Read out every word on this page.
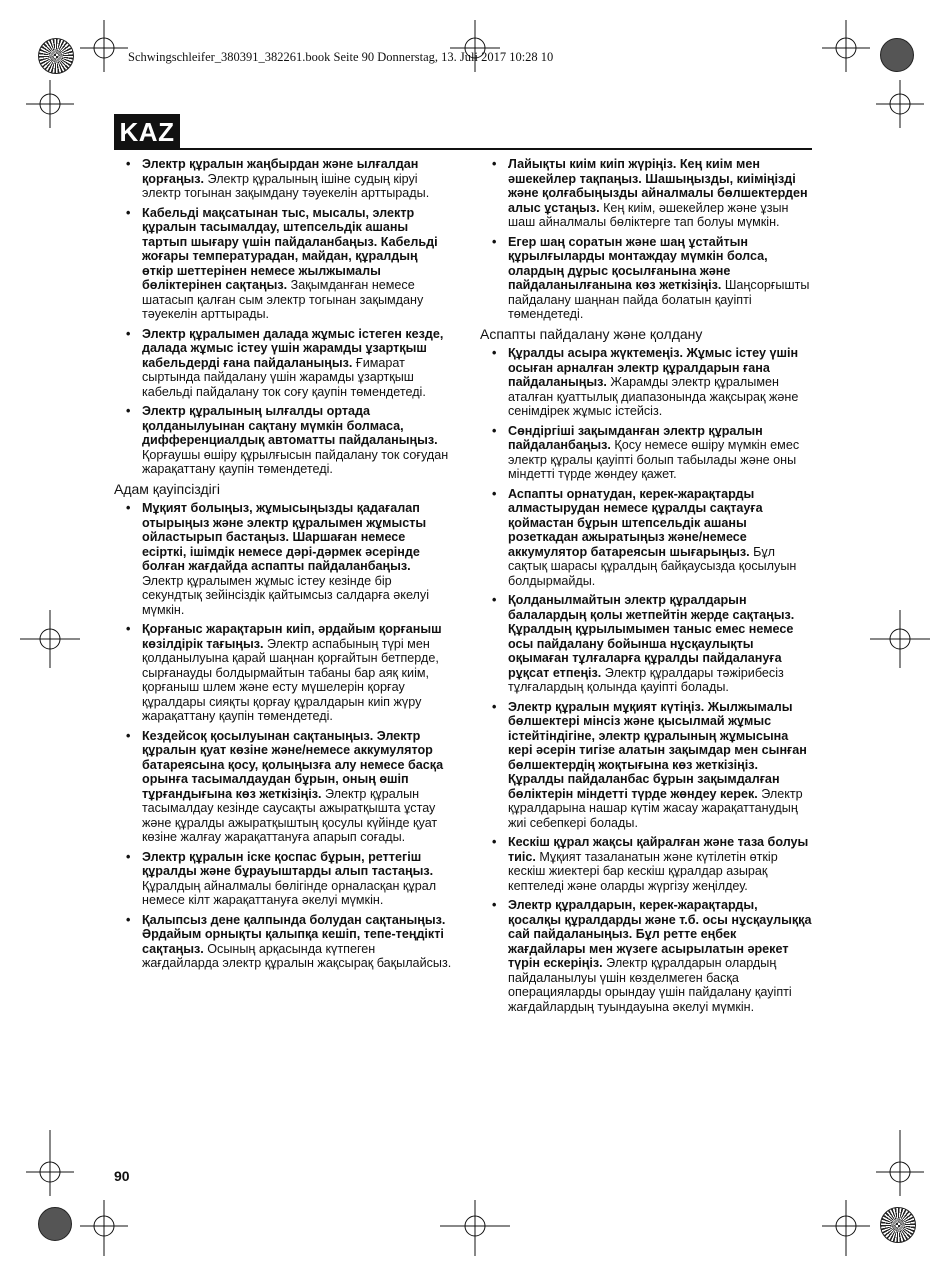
Schwingschleifer_380391_382261.book Seite 90 Donnerstag, 13. Juli 2017 10:28 10
KAZ
• Электр құралын жаңбырдан және ылғалдан қорғаңыз. Электр құралының ішіне судың кіруі электр тогынан зақымдану тәуекелін арттырады.
• Кабельді мақсатынан тыс, мысалы, электр құралын тасымалдау, штепсельдік ашаны тартып шығару үшін пайдаланбаңыз. Кабельді жоғары температурадан, майдан, құралдың өткір шеттерінен немесе жылжымалы бөліктерінен сақтаңыз. Зақымданған немесе шатасып қалған сым электр тогынан зақымдану тәуекелін арттырады.
• Электр құралымен далада жұмыс істеген кезде, далада жұмыс істеу үшін жарамды ұзартқыш кабельдерді ғана пайдаланыңыз. Ғимарат сыртында пайдалану үшін жарамды ұзартқыш кабельді пайдалану ток соғу қаупін төмендетеді.
• Электр құралының ылғалды ортада қолданылуынан сақтану мүмкін болмаса, дифференциалдық автоматты пайдаланыңыз. Қорғаушы өшіру құрылғысын пайдалану ток соғудан жарақаттану қаупін төмендетеді.
Адам қауіпсіздігі
• Мұқият болыңыз, жұмысыңызды қадағалап отырыңыз және электр құралымен жұмысты ойластырып бастаңыз. Шаршаған немесе есірткі, ішімдік немесе дәрі-дәрмек әсерінде болған жағдайда аспапты пайдаланбаңыз. Электр құралымен жұмыс істеу кезінде бір секундтық зейінсіздік қайтымсыз салдарға әкелуі мүмкін.
• Қорғаныс жарақтарын киіп, әрдайым қорғаныш көзілдірік тағыңыз. Электр аспабының түрі мен қолданылуына қарай шаңнан қорғайтын бетперде, сырғанауды болдырмайтын табаны бар аяқ киім, қорғаныш шлем және есту мүшелерін қорғау құралдары сияқты қорғау құралдарын киіп жүру жарақаттану қаупін төмендетеді.
• Кездейсоқ қосылуынан сақтаныңыз. Электр құралын қуат көзіне және/немесе аккумулятор батареясына қосу, қолыңызға алу немесе басқа орынға тасымалдаудан бұрын, оның өшіп тұрғандығына көз жеткізіңіз. Электр құралын тасымалдау кезінде саусақты ажыратқышта ұстау және құралды ажыратқыштың қосулы күйінде қуат көзіне жалғау жарақаттануға апарып соғады.
• Электр құралын іске қоспас бұрын, реттегіш құралды және бұрауыштарды алып тастаңыз. Құралдың айналмалы бөлігінде орналасқан құрал немесе кілт жарақаттануға әкелуі мүмкін.
• Қалыпсыз дене қалпында болудан сақтаныңыз. Әрдайым орнықты қалыпқа кешіп, тепе-теңдікті сақтаңыз. Осының арқасында күтпеген жағдайларда электр құралын жақсырақ бақылайсыз.
• Лайықты киім киіп жүріңіз. Кең киім мен әшекейлер тақпаңыз. Шашыңызды, киіміңізді және қолғабыңызды айналмалы бөлшектерден алыс ұстаңыз. Кең киім, әшекейлер және ұзын шаш айналмалы бөліктерге тап болуы мүмкін.
• Егер шаң соратын және шаң ұстайтын құрылғыларды монтаждау мүмкін болса, олардың дұрыс қосылғанына және пайдаланылғанына көз жеткізіңіз. Шаңсорғышты пайдалану шаңнан пайда болатын қауіпті төмендетеді.
Аспапты пайдалану және қолдану
• Құралды асыра жүктемеңіз. Жұмыс істеу үшін осыған арналған электр құралдарын ғана пайдаланыңыз. Жарамды электр құралымен аталған қуаттылық диапазонында жақсырақ және сенімдірек жұмыс істейсіз.
• Сөндіргіші зақымданған электр құралын пайдаланбаңыз. Қосу немесе өшіру мүмкін емес электр құралы қауіпті болып табылады және оны міндетті түрде жөндеу қажет.
• Аспапты орнатудан, керек-жарақтарды алмастырудан немесе құралды сақтауға қоймастан бұрын штепсельдік ашаны розеткадан ажыратыңыз және/немесе аккумулятор батареясын шығарыңыз. Бұл сақтық шарасы құралдың байқаусызда қосылуын болдырмайды.
• Қолданылмайтын электр құралдарын балалардың қолы жетпейтін жерде сақтаңыз. Құралдың құрылымымен таныс емес немесе осы пайдалану бойынша нұсқаулықты оқымаған тұлғаларға құралды пайдалануға рұқсат етпеңіз. Электр құралдары тәжірибесіз тұлғалардың қолында қауіпті болады.
• Электр құралын мұқият күтіңіз. Жылжымалы бөлшектері мінсіз және қысылмай жұмыс істейтіндігіне, электр құралының жұмысына кері әсерін тигізе алатын зақымдар мен сынған бөлшектердің жоқтығына көз жеткізіңіз. Құралды пайдаланбас бұрын зақымдалған бөліктерін міндетті түрде жөндеу керек. Электр құралдарына нашар күтім жасау жарақаттанудың жиі себепкері болады.
• Кескіш құрал жақсы қайралған және таза болуы тиіс. Мұқият тазаланатын және күтілетін өткір кескіш жиектері бар кескіш құралдар азырақ кептеледі және оларды жүргізу жеңілдеу.
• Электр құралдарын, керек-жарақтарды, қосалқы құралдарды және т.б. осы нұсқаулыққа сай пайдаланыңыз. Бұл ретте еңбек жағдайлары мен жүзеге асырылатын әрекет түрін ескеріңіз. Электр құралдарын олардың пайдаланылуы үшін көзделмеген басқа операцияларды орындау үшін пайдалану қауіпті жағдайлардың туындауына әкелуі мүмкін.
90
